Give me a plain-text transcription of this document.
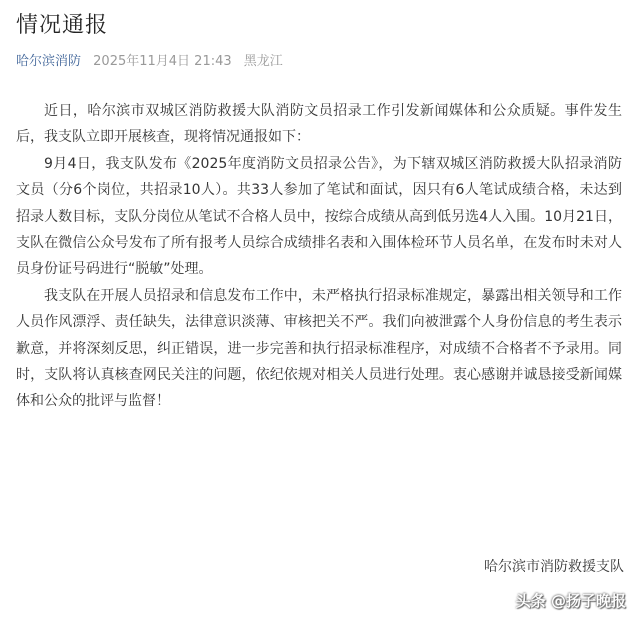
情况通报
哈尔滨消防 2025年11月4日 21:43 黑龙江

近日，哈尔滨市双城区消防救援大队消防文员招录工作引发新闻媒体和公众质疑。事件发生后，我支队立即开展核查，现将情况通报如下：

9月4日，我支队发布《2025年度消防文员招录公告》，为下辖双城区消防救援大队招录消防文员（分6个岗位，共招录10人）。共33人参加了笔试和面试，因只有6人笔试成绩合格，未达到招录人数目标，支队分岗位从笔试不合格人员中，按综合成绩从高到低另选4人入围。10月21日，支队在微信公众号发布了所有报考人员综合成绩排名表和入围体检环节人员名单，在发布时未对人员身份证号码进行“脱敏”处理。

我支队在开展人员招录和信息发布工作中，未严格执行招录标准规定，暴露出相关领导和工作人员作风漂浮、责任缺失，法律意识淡薄、审核把关不严。我们向被泄露个人身份信息的考生表示歉意，并将深刻反思，纠正错误，进一步完善和执行招录标准程序，对成绩不合格者不予录用。同时，支队将认真核查网民关注的问题，依纪依规对相关人员进行处理。衷心感谢并诚恳接受新闻媒体和公众的批评与监督！

哈尔滨市消防救援支队
头条 @扬子晚报
